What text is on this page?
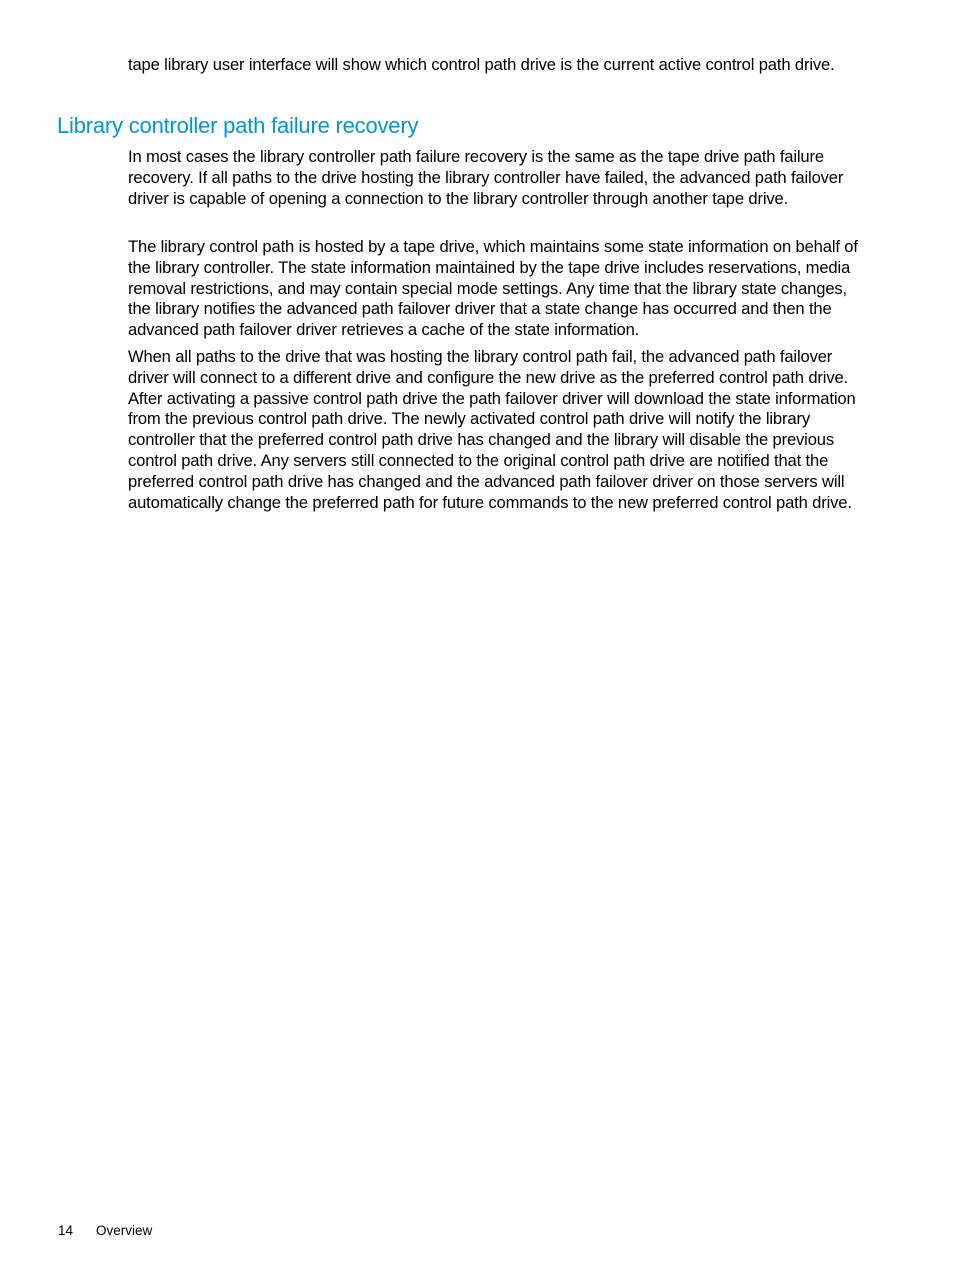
tape library user interface will show which control path drive is the current active control path drive.

Library controller path failure recovery

In most cases the library controller path failure recovery is the same as the tape drive path failure recovery. If all paths to the drive hosting the library controller have failed, the advanced path failover driver is capable of opening a connection to the library controller through another tape drive.

The library control path is hosted by a tape drive, which maintains some state information on behalf of the library controller. The state information maintained by the tape drive includes reservations, media removal restrictions, and may contain special mode settings. Any time that the library state changes, the library notifies the advanced path failover driver that a state change has occurred and then the advanced path failover driver retrieves a cache of the state information.

When all paths to the drive that was hosting the library control path fail, the advanced path failover driver will connect to a different drive and configure the new drive as the preferred control path drive. After activating a passive control path drive the path failover driver will download the state information from the previous control path drive. The newly activated control path drive will notify the library controller that the preferred control path drive has changed and the library will disable the previous control path drive. Any servers still connected to the original control path drive are notified that the preferred control path drive has changed and the advanced path failover driver on those servers will automatically change the preferred path for future commands to the new preferred control path drive.

14 Overview
